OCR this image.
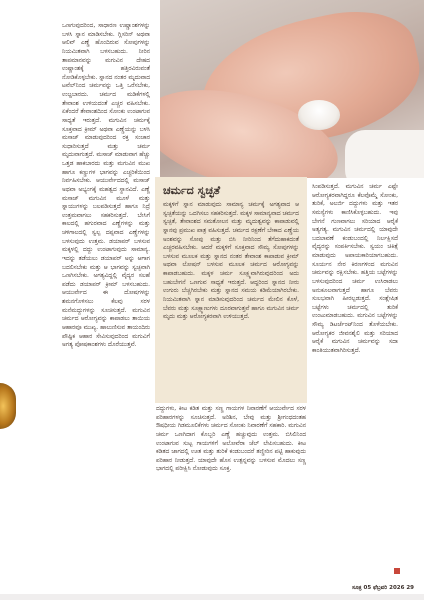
ಒಣಗುವುದರಿಂದ, ಸಾಧಾರಣ ಉಷ್ಣಾಂಶಗಳನ್ನು ಬಳಸಿ ಸ್ನಾನ ಮಾಡಿಸಬೇಕು. ಗ್ಲಿಸರಿನ್ ಅಥವಾ ಆಲಿವ್ ಎಣ್ಣೆ ಹೊಂದಿರುವ ಸೋಪುಗಳನ್ನು ನಿಯಮಿತವಾಗಿ ಬಳಸಬಹುದು. ನೀರಿನ ತಾಪಮಾನವನ್ನು ಮಗುವಿನ ದೇಹದ ಉಷ್ಣಾಂಶಕ್ಕೆ ಹತ್ತಿರವಿರುವಂತೆ ನೋಡಿಕೊಳ್ಳಬೇಕು. ಸ್ನಾನದ ನಂತರ ಮೃದುವಾದ ಟವೆಲ್‌ನಿಂದ ಚರ್ಮವನ್ನು ಒತ್ತಿ ಒರೆಸಬೇಕು, ಉಜ್ಜಬಾರದು. ಚರ್ಮದ ಮಡಿಕೆಗಳಲ್ಲಿ ತೇವಾಂಶ ಉಳಿಯದಂತೆ ಎಚ್ಚರ ವಹಿಸಬೇಕು. ಏಕೆಂದರೆ ತೇವಾಂಶದಿಂದ ಸೋಂಕು ಉಂಟಾಗುವ ಸಾಧ್ಯತೆ ಇರುತ್ತದೆ. ಮಗುವಿನ ಚರ್ಮಕ್ಕೆ ಸೂಕ್ತವಾದ ಕ್ರೀಮ್ ಅಥವಾ ಎಣ್ಣೆಯನ್ನು ಬಳಸಿ ಮಸಾಜ್ ಮಾಡುವುದರಿಂದ ರಕ್ತ ಸಂಚಾರ ಸುಧಾರಿಸುತ್ತದೆ ಮತ್ತು ಚರ್ಮ ಮೃದುವಾಗುತ್ತದೆ. ಮಸಾಜ್ ಮಾಡುವಾಗ ಹೆಚ್ಚು ಒತ್ತಡ ಹಾಕಬಾರದು ಮತ್ತು ಮಗುವಿನ ಮುಖ ಹಾಗೂ ಕಣ್ಣುಗಳ ಭಾಗವನ್ನು ಎಚ್ಚರಿಕೆಯಿಂದ ನಿರ್ವಹಿಸಬೇಕು. ಆಯುರ್ವೇದದಲ್ಲಿ ಮಸಾಜ್ ಅಥವಾ ಅಭ್ಯಂಗಕ್ಕೆ ಮಹತ್ವದ ಸ್ಥಾನವಿದೆ. ಎಣ್ಣೆ ಮಸಾಜ್ ಮಗುವಿನ ಮೂಳೆ ಮತ್ತು ಸ್ನಾಯುಗಳನ್ನು ಬಲಪಡಿಸುತ್ತದೆ ಹಾಗೂ ನಿದ್ರೆ ಉತ್ತಮವಾಗಲು ಸಹಕರಿಸುತ್ತದೆ. ಬೇಸಿಗೆ ಕಾಲದಲ್ಲಿ ಹಗುರವಾದ ಎಣ್ಣೆಗಳನ್ನು ಮತ್ತು ಚಳಿಗಾಲದಲ್ಲಿ ಸ್ವಲ್ಪ ದಪ್ಪವಾದ ಎಣ್ಣೆಗಳನ್ನು ಬಳಸುವುದು ಉತ್ತಮ. ಡಯಾಪರ್ ಬಳಸುವ ಮಕ್ಕಳಲ್ಲಿ ದದ್ದು ಉಂಟಾಗುವುದು ಸಾಮಾನ್ಯ. ಇದನ್ನು ತಡೆಯಲು ಡಯಾಪರ್ ಅನ್ನು ಆಗಾಗ ಬದಲಿಸಬೇಕು ಮತ್ತು ಆ ಭಾಗವನ್ನು ಸ್ವಚ್ಛವಾಗಿ ಒಣಗಿಸಬೇಕು. ಅಗತ್ಯವಿದ್ದಲ್ಲಿ ವೈದ್ಯರ ಸಲಹೆ ಪಡೆದು ಡಯಾಪರ್ ಕ್ರೀಮ್ ಬಳಸಬಹುದು. ಆಯುರ್ವೇದ ಈ ದೋಷಗಳನ್ನು ಶಮನಗೊಳಿಸಲು ಕೆಲವು ಸರಳ ಮನೆಮದ್ದುಗಳನ್ನು ಸೂಚಿಸುತ್ತದೆ. ಮಗುವಿನ ಚರ್ಮದ ಆರೋಗ್ಯವನ್ನು ಕಾಪಾಡಲು ತಾಯಿಯ ಆಹಾರವೂ ಮುಖ್ಯ. ಹಾಲುಣಿಸುವ ತಾಯಂದಿರು ಪೌಷ್ಟಿಕ ಆಹಾರ ಸೇವಿಸುವುದರಿಂದ ಮಗುವಿಗೆ ಅಗತ್ಯ ಪೋಷಕಾಂಶಗಳು ದೊರೆಯುತ್ತವೆ.

ಚರ್ಮದ ಸ್ವಚ್ಛತೆ
ಮಕ್ಕಳಿಗೆ ಸ್ನಾನ ಮಾಡುವುದು ಸಾಮಾನ್ಯ ಚರ್ಮಕ್ಕೆ ಅಗತ್ಯವಾದ ಆ ಸ್ವಚ್ಛತೆಯನ್ನು ಒದಗಿಸಲು ಸಹಕರಿಸುತ್ತದೆ. ಮಕ್ಕಳ ಸಾಮಾನ್ಯವಾದ ಚರ್ಮದ ಸ್ವಚ್ಛತೆ, ತೇವಾಂಶದ ಸಮತೋಲನ ಮತ್ತು ಮೃದುತ್ವವನ್ನು ಕಾಪಾಡುವಲ್ಲಿ ಸ್ನಾನವು ಪ್ರಮುಖ ಪಾತ್ರ ವಹಿಸುತ್ತದೆ. ಚರ್ಮದ ರಕ್ಷಣೆಗೆ ಬೇಕಾದ ಎಣ್ಣೆಯ ಅಂಶವನ್ನು ಸೋಪು ಮತ್ತು ಬಿಸಿ ನೀರಿನಿಂದ ತೆಗೆದುಹಾಕದಂತೆ ಎಚ್ಚರವಹಿಸಬೇಕು. ಆದರೆ ಮಕ್ಕಳಿಗೆ ಸೂಕ್ತವಾದ ಸೌಮ್ಯ ಸೋಪುಗಳನ್ನು ಬಳಸುವ ಮೂಲಕ ಮತ್ತು ಸ್ನಾನದ ನಂತರ ತೇವಾಂಶ ಕಾಪಾಡುವ ಕ್ರೀಮ್ ಅಥವಾ ಲೋಷನ್ ಬಳಸುವ ಮೂಲಕ ಚರ್ಮದ ಆರೋಗ್ಯವನ್ನು ಕಾಪಾಡಬಹುದು. ಮಕ್ಕಳ ಚರ್ಮ ಸೂಕ್ಷ್ಮವಾಗಿರುವುದರಿಂದ ಅದು ಬಹುಬೇಗನೆ ಒಣಗುವ ಸಾಧ್ಯತೆ ಇರುತ್ತದೆ. ಆದ್ದರಿಂದ ಸ್ನಾನದ ನೀರು ಉಗುರು ಬೆಚ್ಚಗಿರಬೇಕು ಮತ್ತು ಸ್ನಾನದ ಸಮಯ ಕಡಿಮೆಯಾಗಿರಬೇಕು. ನಿಯಮಿತವಾಗಿ ಸ್ನಾನ ಮಾಡಿಸುವುದರಿಂದ ಚರ್ಮದ ಮೇಲಿನ ಕೊಳೆ, ಬೆವರು ಮತ್ತು ಸೂಕ್ಷ್ಮಾಣುಗಳು ದೂರವಾಗುತ್ತವೆ ಹಾಗೂ ಮಗುವಿನ ಚರ್ಮ ಮೃದು ಮತ್ತು ಆರೋಗ್ಯಕರವಾಗಿ ಉಳಿಯುತ್ತದೆ.

ದದ್ದುಗಳು, ಕೀಟ ಕಡಿತ ಮತ್ತು ಸಣ್ಣ ಗಾಯಗಳ ನಿವಾರಣೆಗೆ ಆಯುರ್ವೇದ ಸರಳ ಪರಿಹಾರಗಳನ್ನು ಸೂಚಿಸುತ್ತದೆ. ಅರಿಶಿನ, ಬೇವು ಮತ್ತು ಶ್ರೀಗಂಧದಂತಹ ಔಷಧೀಯ ಗಿಡಮೂಲಿಕೆಗಳು ಚರ್ಮದ ಸೋಂಕು ನಿವಾರಣೆಗೆ ಸಹಕಾರಿ. ಮಗುವಿನ ಚರ್ಮ ಒಣಗಿದಾಗ ಕೊಬ್ಬರಿ ಎಣ್ಣೆ ಹಚ್ಚುವುದು ಉತ್ತಮ. ಬಿಸಿಲಿನಿಂದ ಉಂಟಾಗುವ ಸುಟ್ಟ ಗಾಯಗಳಿಗೆ ಅಲೋವೆರಾ ಜೆಲ್ ಲೇಪಿಸಬಹುದು. ಕೀಟ ಕಡಿತದ ಜಾಗದಲ್ಲಿ ಊತ ಮತ್ತು ತುರಿಕೆ ಕಂಡುಬಂದರೆ ತಣ್ಣೀರಿನ ಪಟ್ಟಿ ಹಾಕುವುದು ಪರಿಹಾರ ನೀಡುತ್ತದೆ. ಯಾವುದೇ ಹೊಸ ಉತ್ಪನ್ನವನ್ನು ಬಳಸುವ ಮೊದಲು ಸಣ್ಣ ಭಾಗದಲ್ಲಿ ಪರೀಕ್ಷಿಸಿ ನೋಡುವುದು ಸೂಕ್ತ.

ಸಿಂಪಡಿಸುತ್ತದೆ. ಮಗುವಿನ ಚರ್ಮ ಎಷ್ಟೇ ಆರೋಗ್ಯಕರವಾಗಿದ್ದರೂ ಕೆಲವೊಮ್ಮೆ ಸೋಂಕು, ತುರಿಕೆ, ಅಲರ್ಜಿ ದದ್ದುಗಳು ಮತ್ತು ಇತರ ಸಮಸ್ಯೆಗಳು ಕಾಣಿಸಿಕೊಳ್ಳಬಹುದು. ಇವು ಬೇಗನೆ ಗುಣವಾಗಲು ಸರಿಯಾದ ಆರೈಕೆ ಅತ್ಯಗತ್ಯ. ಮಗುವಿನ ಚರ್ಮದಲ್ಲಿ ಯಾವುದೇ ಬದಲಾವಣೆ ಕಂಡುಬಂದಲ್ಲಿ ನಿರ್ಲಕ್ಷಿಸದೆ ವೈದ್ಯರನ್ನು ಸಂಪರ್ಕಿಸಬೇಕು. ಸ್ವಯಂ ಚಿಕಿತ್ಸೆ ಮಾಡುವುದು ಅಪಾಯಕಾರಿಯಾಗಬಹುದು. ಸೂರ್ಯನ ನೇರ ಕಿರಣಗಳಿಂದ ಮಗುವಿನ ಚರ್ಮವನ್ನು ರಕ್ಷಿಸಬೇಕು. ಹತ್ತಿಯ ಬಟ್ಟೆಗಳನ್ನು ಬಳಸುವುದರಿಂದ ಚರ್ಮ ಉಸಿರಾಡಲು ಅನುಕೂಲವಾಗುತ್ತದೆ ಹಾಗೂ ಬೆವರು ಸುಲಭವಾಗಿ ಹೀರಲ್ಪಡುತ್ತದೆ. ಸಂಶ್ಲೇಷಿತ ಬಟ್ಟೆಗಳು ಚರ್ಮದಲ್ಲಿ ತುರಿಕೆ ಉಂಟುಮಾಡಬಹುದು. ಮಗುವಿನ ಬಟ್ಟೆಗಳನ್ನು ಸೌಮ್ಯ ಡಿಟರ್ಜೆಂಟ್‌ನಿಂದ ತೊಳೆಯಬೇಕು. ಆರೋಗ್ಯಕರ ಜೀವನಶೈಲಿ ಮತ್ತು ಸರಿಯಾದ ಆರೈಕೆ ಮಗುವಿನ ಚರ್ಮವನ್ನು ಸದಾ ಕಾಂತಿಯುತವಾಗಿರಿಸುತ್ತದೆ.

ಸೂತ್ರ 05 ಫೆಬ್ರವರಿ 2026 29
